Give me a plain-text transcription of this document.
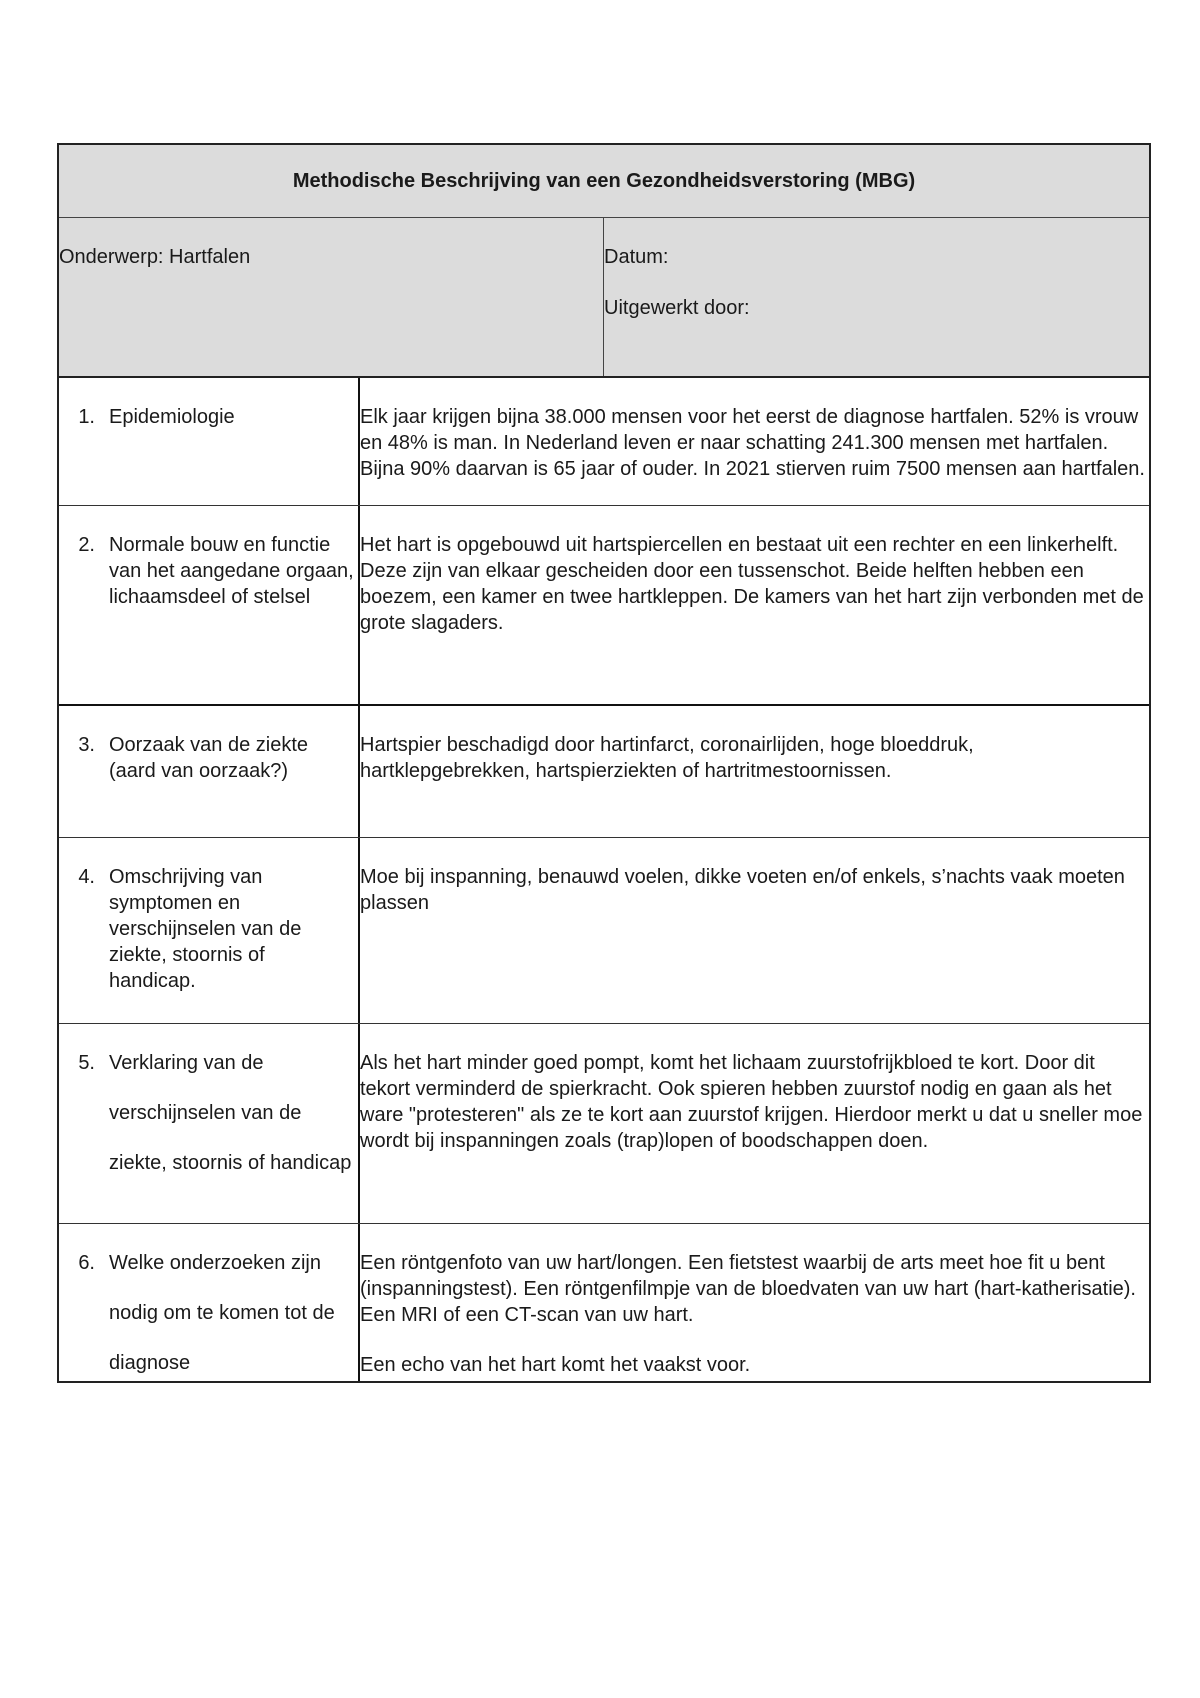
Methodische Beschrijving van een Gezondheidsverstoring (MBG)
Onderwerp: Hartfalen	Datum:
Uitgewerkt door:
1. Epidemiologie	Elk jaar krijgen bijna 38.000 mensen voor het eerst de diagnose hartfalen. 52% is vrouw en 48% is man. In Nederland leven er naar schatting 241.300 mensen met hartfalen. Bijna 90% daarvan is 65 jaar of ouder. In 2021 stierven ruim 7500 mensen aan hartfalen.

2. Normale bouw en functie van het aangedane orgaan, lichaamsdeel of stelsel

Het hart is opgebouwd uit hartspiercellen en bestaat uit een rechter en een linkerhelft. Deze zijn van elkaar gescheiden door een tussenschot. Beide helften hebben een boezem, een kamer en twee hartkleppen. De kamers van het hart zijn verbonden met de grote slagaders.

3. Oorzaak van de ziekte (aard van oorzaak?)

Hartspier beschadigd door hartinfarct, coronairlijden, hoge bloeddruk, hartklepgebrekken, hartspierziekten of hartritmestoornissen.

4. Omschrijving van symptomen en verschijnselen van de ziekte, stoornis of handicap.

Moe bij inspanning, benauwd voelen, dikke voeten en/of enkels, s’nachts vaak moeten plassen

5. Verklaring van de verschijnselen van de ziekte, stoornis of handicap

Als het hart minder goed pompt, komt het lichaam zuurstofrijkbloed te kort. Door dit tekort verminderd de spierkracht. Ook spieren hebben zuurstof nodig en gaan als het ware "protesteren" als ze te kort aan zuurstof krijgen. Hierdoor merkt u dat u sneller moe wordt bij inspanningen zoals (trap)lopen of boodschappen doen.

6. Welke onderzoeken zijn nodig om te komen tot de diagnose

Een röntgenfoto van uw hart/longen. Een fietstest waarbij de arts meet hoe fit u bent (inspanningstest). Een röntgenfilmpje van de bloedvaten van uw hart (hart-katherisatie). Een MRI of een CT-scan van uw hart.

Een echo van het hart komt het vaakst voor.
